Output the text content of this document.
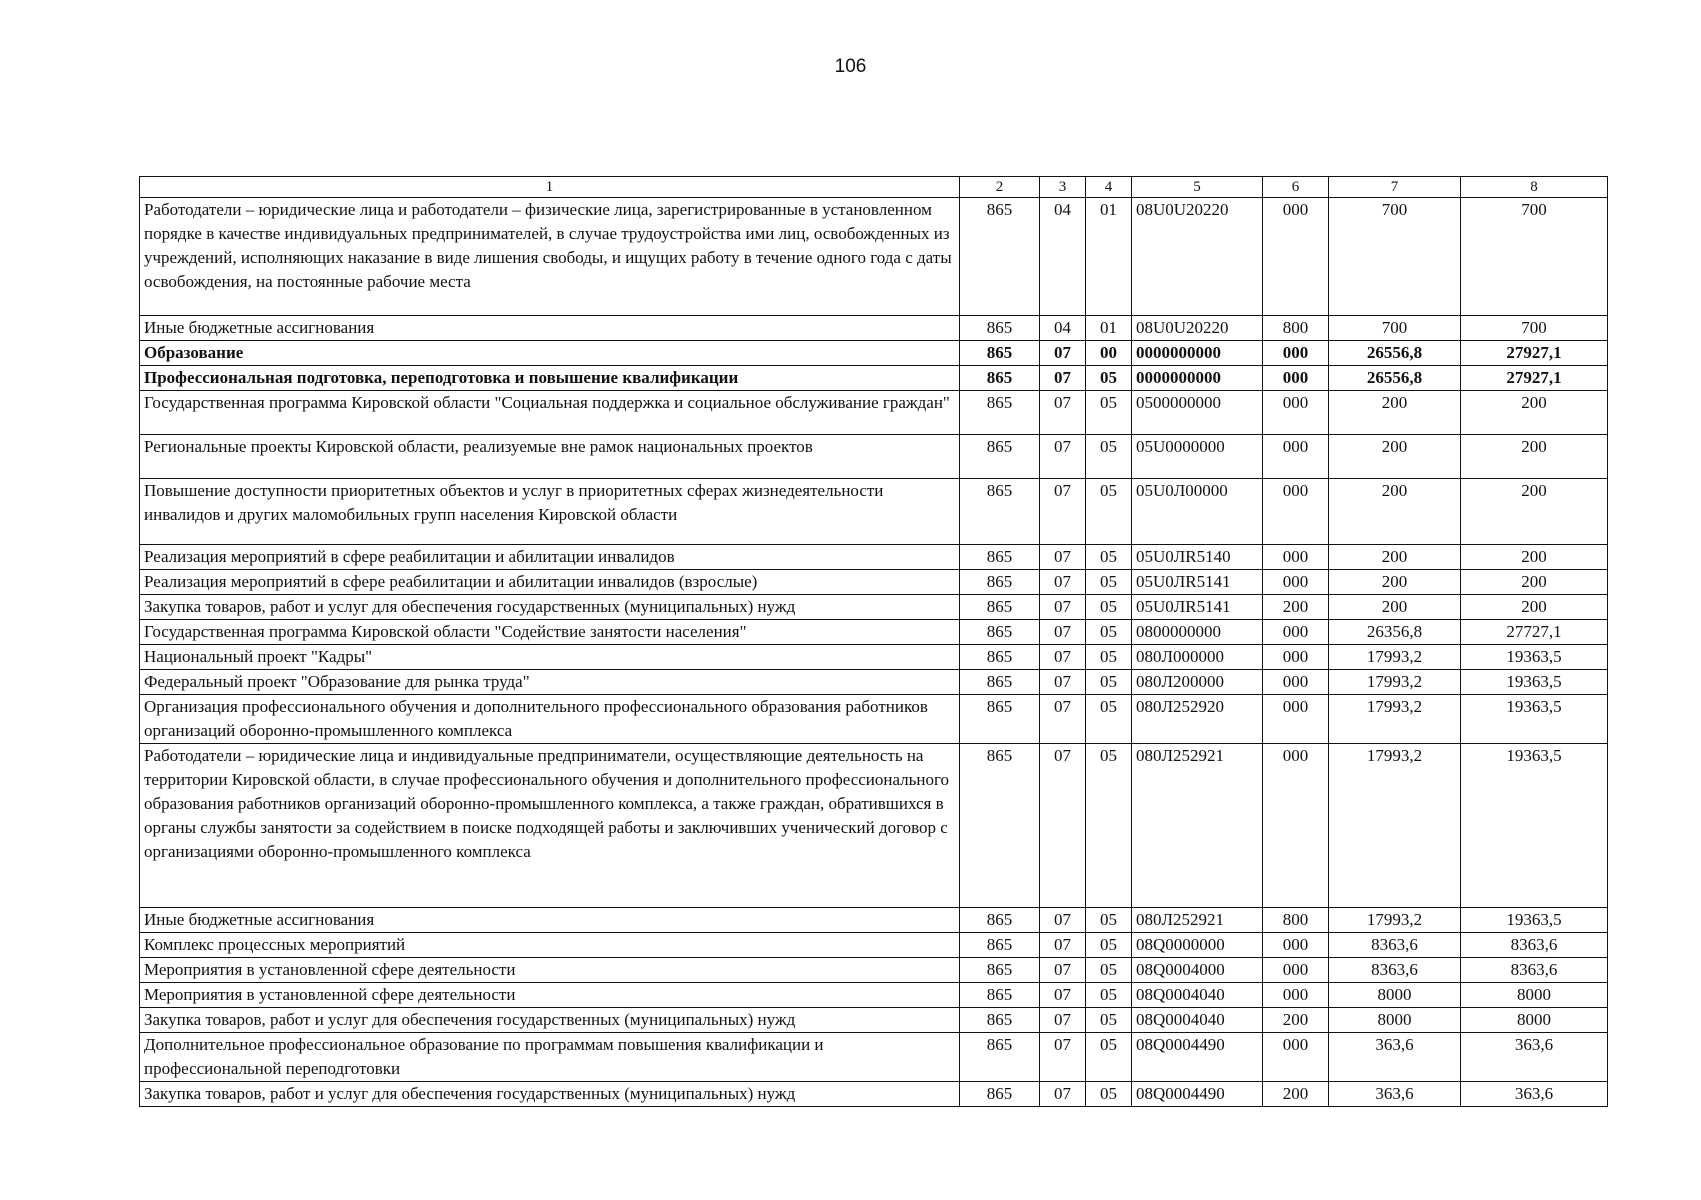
106
1	2	3	4	5	6	7	8
Работодатели – юридические лица и работодатели – физические лица, зарегистрированные в установленном порядке в качестве индивидуальных предпринимателей, в случае трудоустройства ими лиц, освобожденных из учреждений, исполняющих наказание в виде лишения свободы, и ищущих работу в течение одного года с даты освобождения, на постоянные рабочие места	865	04	01	08U0U20220	000	700	700
Иные бюджетные ассигнования	865	04	01	08U0U20220	800	700	700
Образование	865	07	00	0000000000	000	26556,8	27927,1
Профессиональная подготовка, переподготовка и повышение квалификации	865	07	05	0000000000	000	26556,8	27927,1
Государственная программа Кировской области "Социальная поддержка и социальное обслуживание граждан"	865	07	05	0500000000	000	200	200
Региональные проекты Кировской области, реализуемые вне рамок национальных проектов	865	07	05	05U0000000	000	200	200
Повышение доступности приоритетных объектов и услуг в приоритетных сферах жизнедеятельности инвалидов и других маломобильных групп населения Кировской области	865	07	05	05U0Л00000	000	200	200
Реализация мероприятий в сфере реабилитации и абилитации инвалидов	865	07	05	05U0ЛR5140	000	200	200
Реализация мероприятий в сфере реабилитации и абилитации инвалидов (взрослые)	865	07	05	05U0ЛR5141	000	200	200
Закупка товаров, работ и услуг для обеспечения государственных (муниципальных) нужд	865	07	05	05U0ЛR5141	200	200	200
Государственная программа Кировской области "Содействие занятости населения"	865	07	05	0800000000	000	26356,8	27727,1
Национальный проект "Кадры"	865	07	05	080Л000000	000	17993,2	19363,5
Федеральный проект "Образование для рынка труда"	865	07	05	080Л200000	000	17993,2	19363,5
Организация профессионального обучения и дополнительного профессионального образования работников организаций оборонно-промышленного комплекса	865	07	05	080Л252920	000	17993,2	19363,5
Работодатели – юридические лица и индивидуальные предприниматели, осуществляющие деятельность на территории Кировской области, в случае профессионального обучения и дополнительного профессионального образования работников организаций оборонно-промышленного комплекса, а также граждан, обратившихся в органы службы занятости за содействием в поиске подходящей работы и заключивших ученический договор с организациями оборонно-промышленного комплекса	865	07	05	080Л252921	000	17993,2	19363,5
Иные бюджетные ассигнования	865	07	05	080Л252921	800	17993,2	19363,5
Комплекс процессных мероприятий	865	07	05	08Q0000000	000	8363,6	8363,6
Мероприятия в установленной сфере деятельности	865	07	05	08Q0004000	000	8363,6	8363,6
Мероприятия в установленной сфере деятельности	865	07	05	08Q0004040	000	8000	8000
Закупка товаров, работ и услуг для обеспечения государственных (муниципальных) нужд	865	07	05	08Q0004040	200	8000	8000
Дополнительное профессиональное образование по программам повышения квалификации и профессиональной переподготовки	865	07	05	08Q0004490	000	363,6	363,6
Закупка товаров, работ и услуг для обеспечения государственных (муниципальных) нужд	865	07	05	08Q0004490	200	363,6	363,6
